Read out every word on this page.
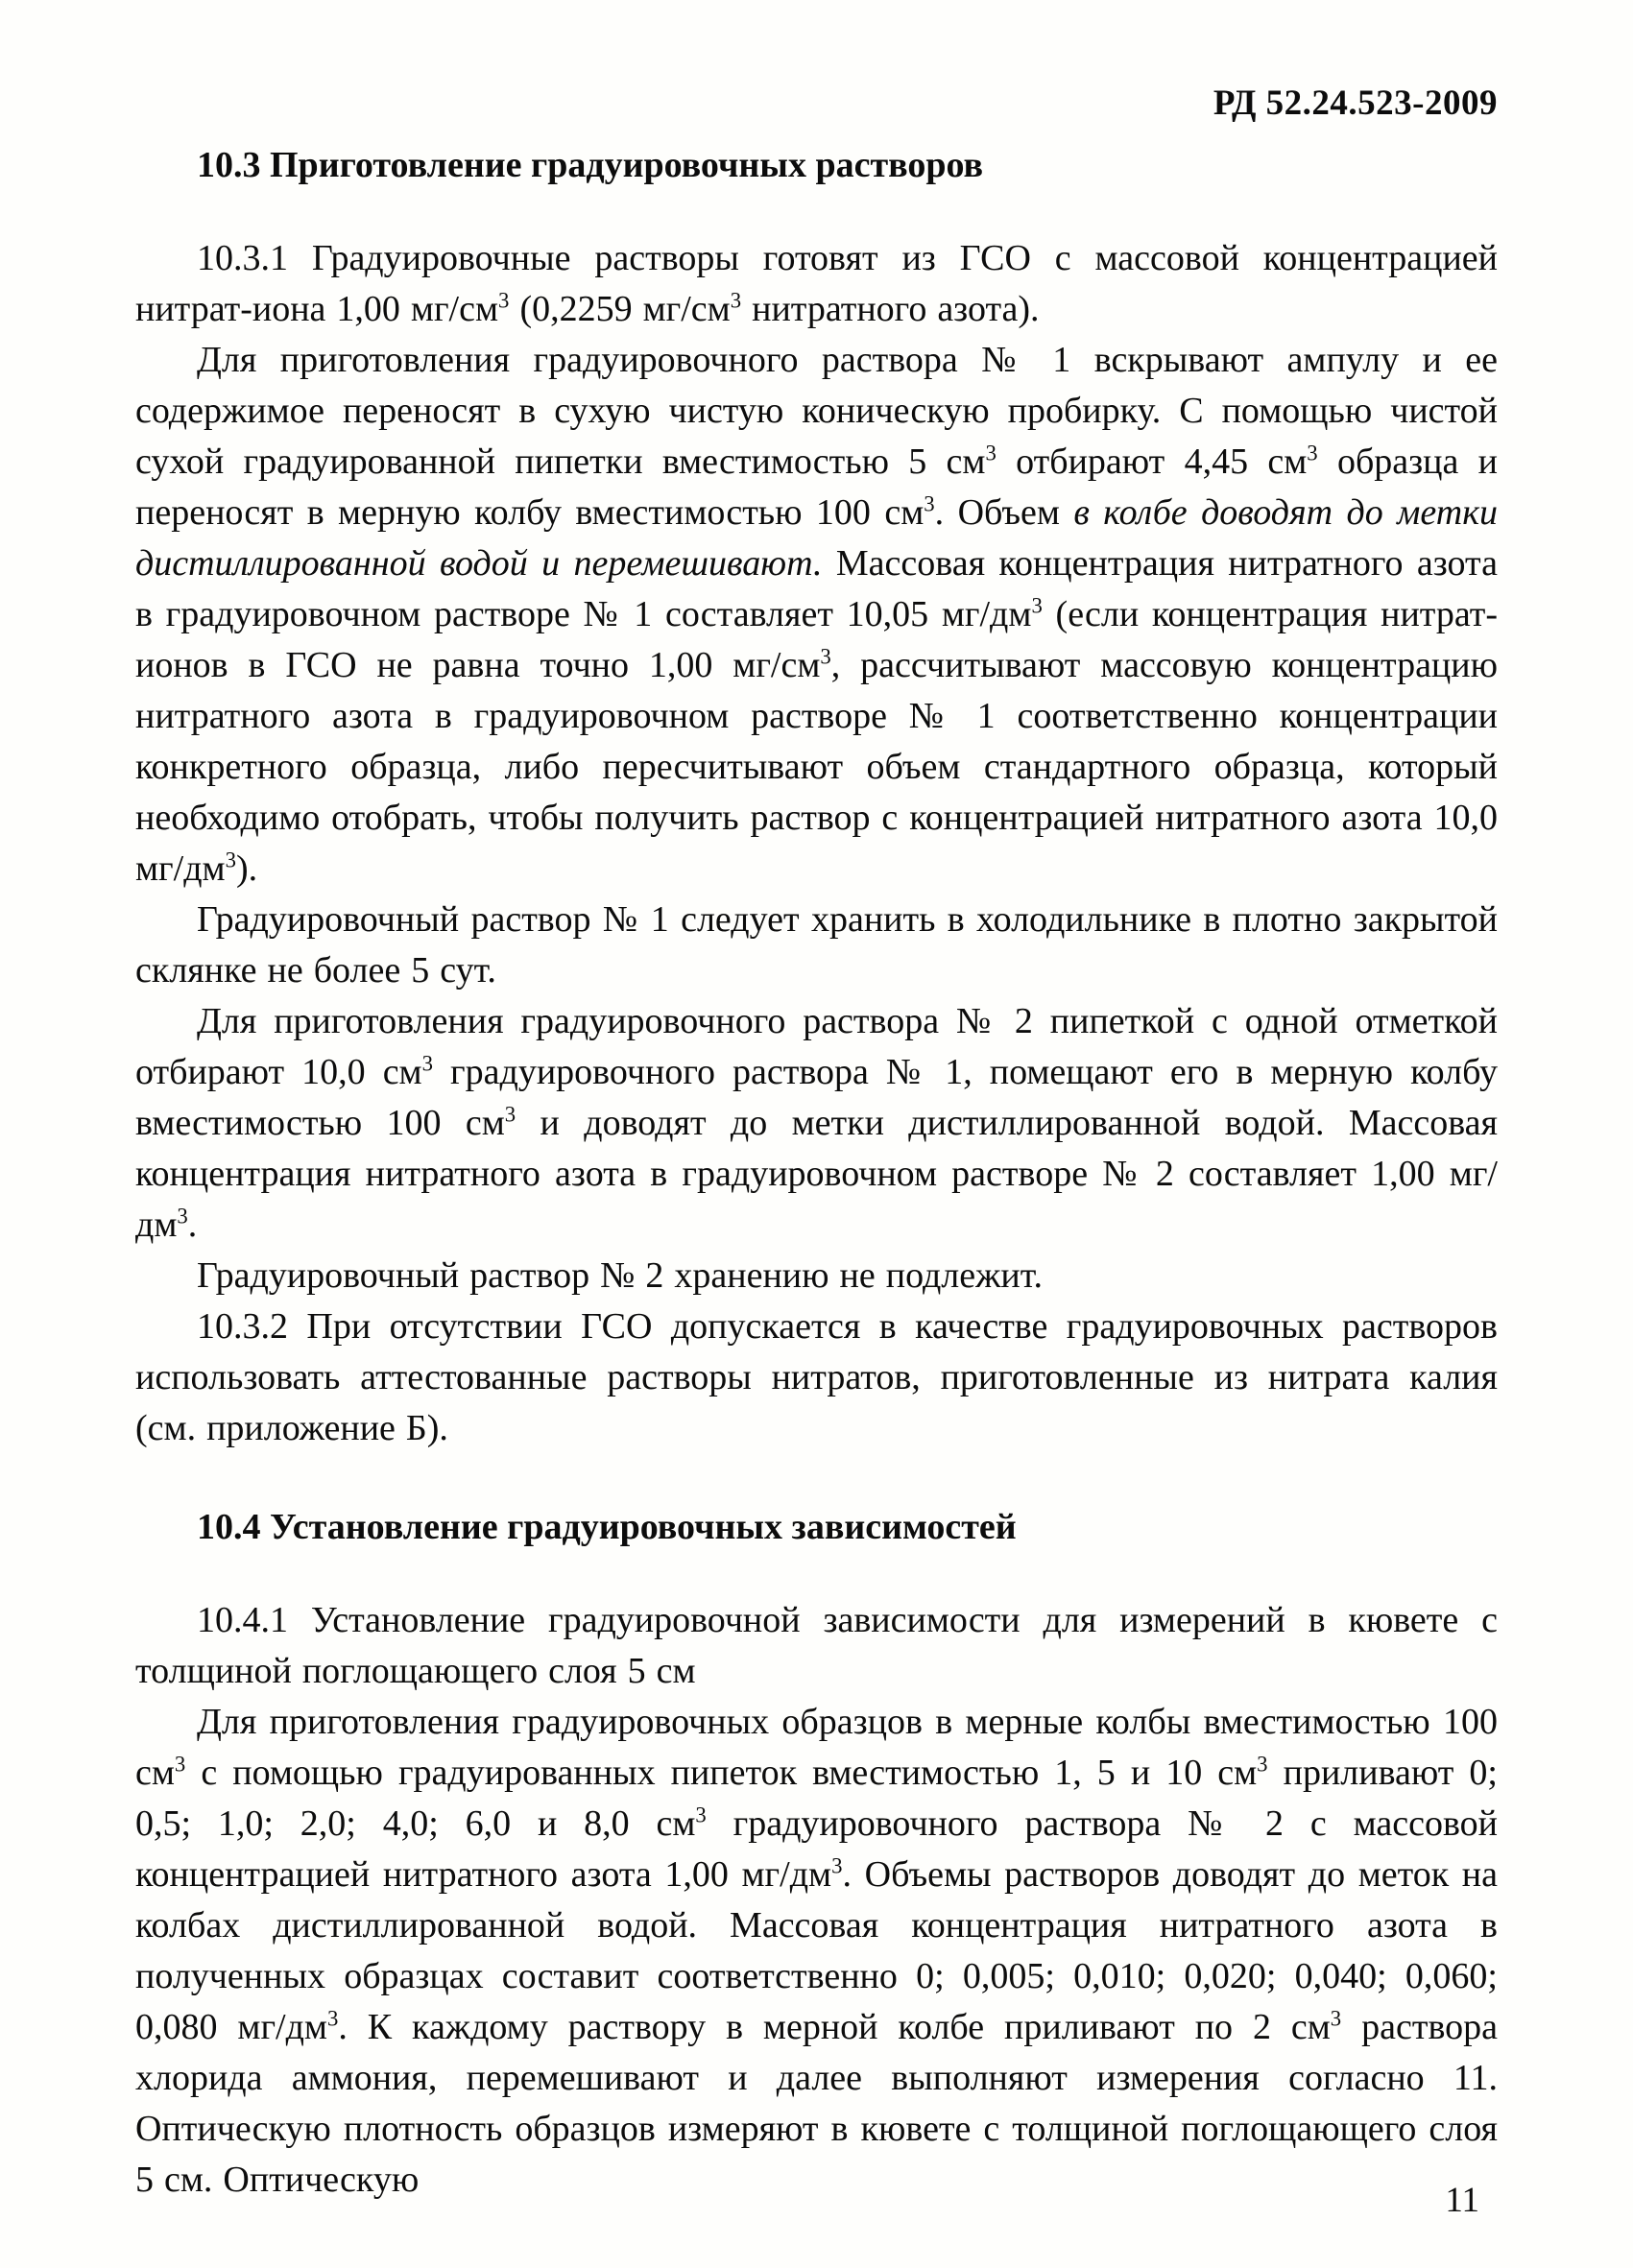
РД 52.24.523-2009
10.3 Приготовление градуировочных растворов

10.3.1 Градуировочные растворы готовят из ГСО с массовой концентрацией нитрат-иона 1,00 $мг/см^3$ (0,2259 $мг/см^3$ нитратного азота).

Для приготовления градуировочного раствора № 1 вскрывают ампулу и ее содержимое переносят в сухую чистую коническую пробирку. С помощью чистой сухой градуированной пипетки вместимостью 5 $см^3$ отбирают 4,45 $см^3$ образца и переносят в мерную колбу вместимостью 100 $см^3$. Объем в колбе доводят до метки дистиллированной водой и перемешивают. Массовая концентрация нитратного азота в градуировочном растворе № 1 составляет 10,05 $мг/дм^3$ (если концентрация нитрат-ионов в ГСО не равна точно 1,00 $мг/см^3$, рассчитывают массовую концентрацию нитратного азота в градуировочном растворе № 1 соответственно концентрации конкретного образца, либо пересчитывают объем стандартного образца, который необходимо отобрать, чтобы получить раствор с концентрацией нитратного азота 10,0 $мг/дм^3$).

Градуировочный раствор № 1 следует хранить в холодильнике в плотно закрытой склянке не более 5 сут.

Для приготовления градуировочного раствора № 2 пипеткой с одной отметкой отбирают 10,0 $см^3$ градуировочного раствора № 1, помещают его в мерную колбу вместимостью 100 $см^3$ и доводят до метки дистиллированной водой. Массовая концентрация нитратного азота в градуировочном растворе № 2 составляет 1,00 $мг/дм^3$.

Градуировочный раствор № 2 хранению не подлежит.

10.3.2 При отсутствии ГСО допускается в качестве градуировочных растворов использовать аттестованные растворы нитратов, приготовленные из нитрата калия (см. приложение Б).

10.4 Установление градуировочных зависимостей

10.4.1 Установление градуировочной зависимости для измерений в кювете с толщиной поглощающего слоя 5 см

Для приготовления градуировочных образцов в мерные колбы вместимостью 100 $см^3$ с помощью градуированных пипеток вместимостью 1, 5 и 10 $см^3$ приливают 0; 0,5; 1,0; 2,0; 4,0; 6,0 и 8,0 $см^3$ градуировочного раствора № 2 с массовой концентрацией нитратного азота 1,00 $мг/дм^3$. Объемы растворов доводят до меток на колбах дистиллированной водой. Массовая концентрация нитратного азота в полученных образцах составит соответственно 0; 0,005; 0,010; 0,020; 0,040; 0,060; 0,080 $мг/дм^3$. К каждому раствору в мерной колбе приливают по 2 $см^3$ раствора хлорида аммония, перемешивают и далее выполняют измерения согласно 11. Оптическую плотность образцов измеряют в кювете с толщиной поглощающего слоя 5 см. Оптическую

11
